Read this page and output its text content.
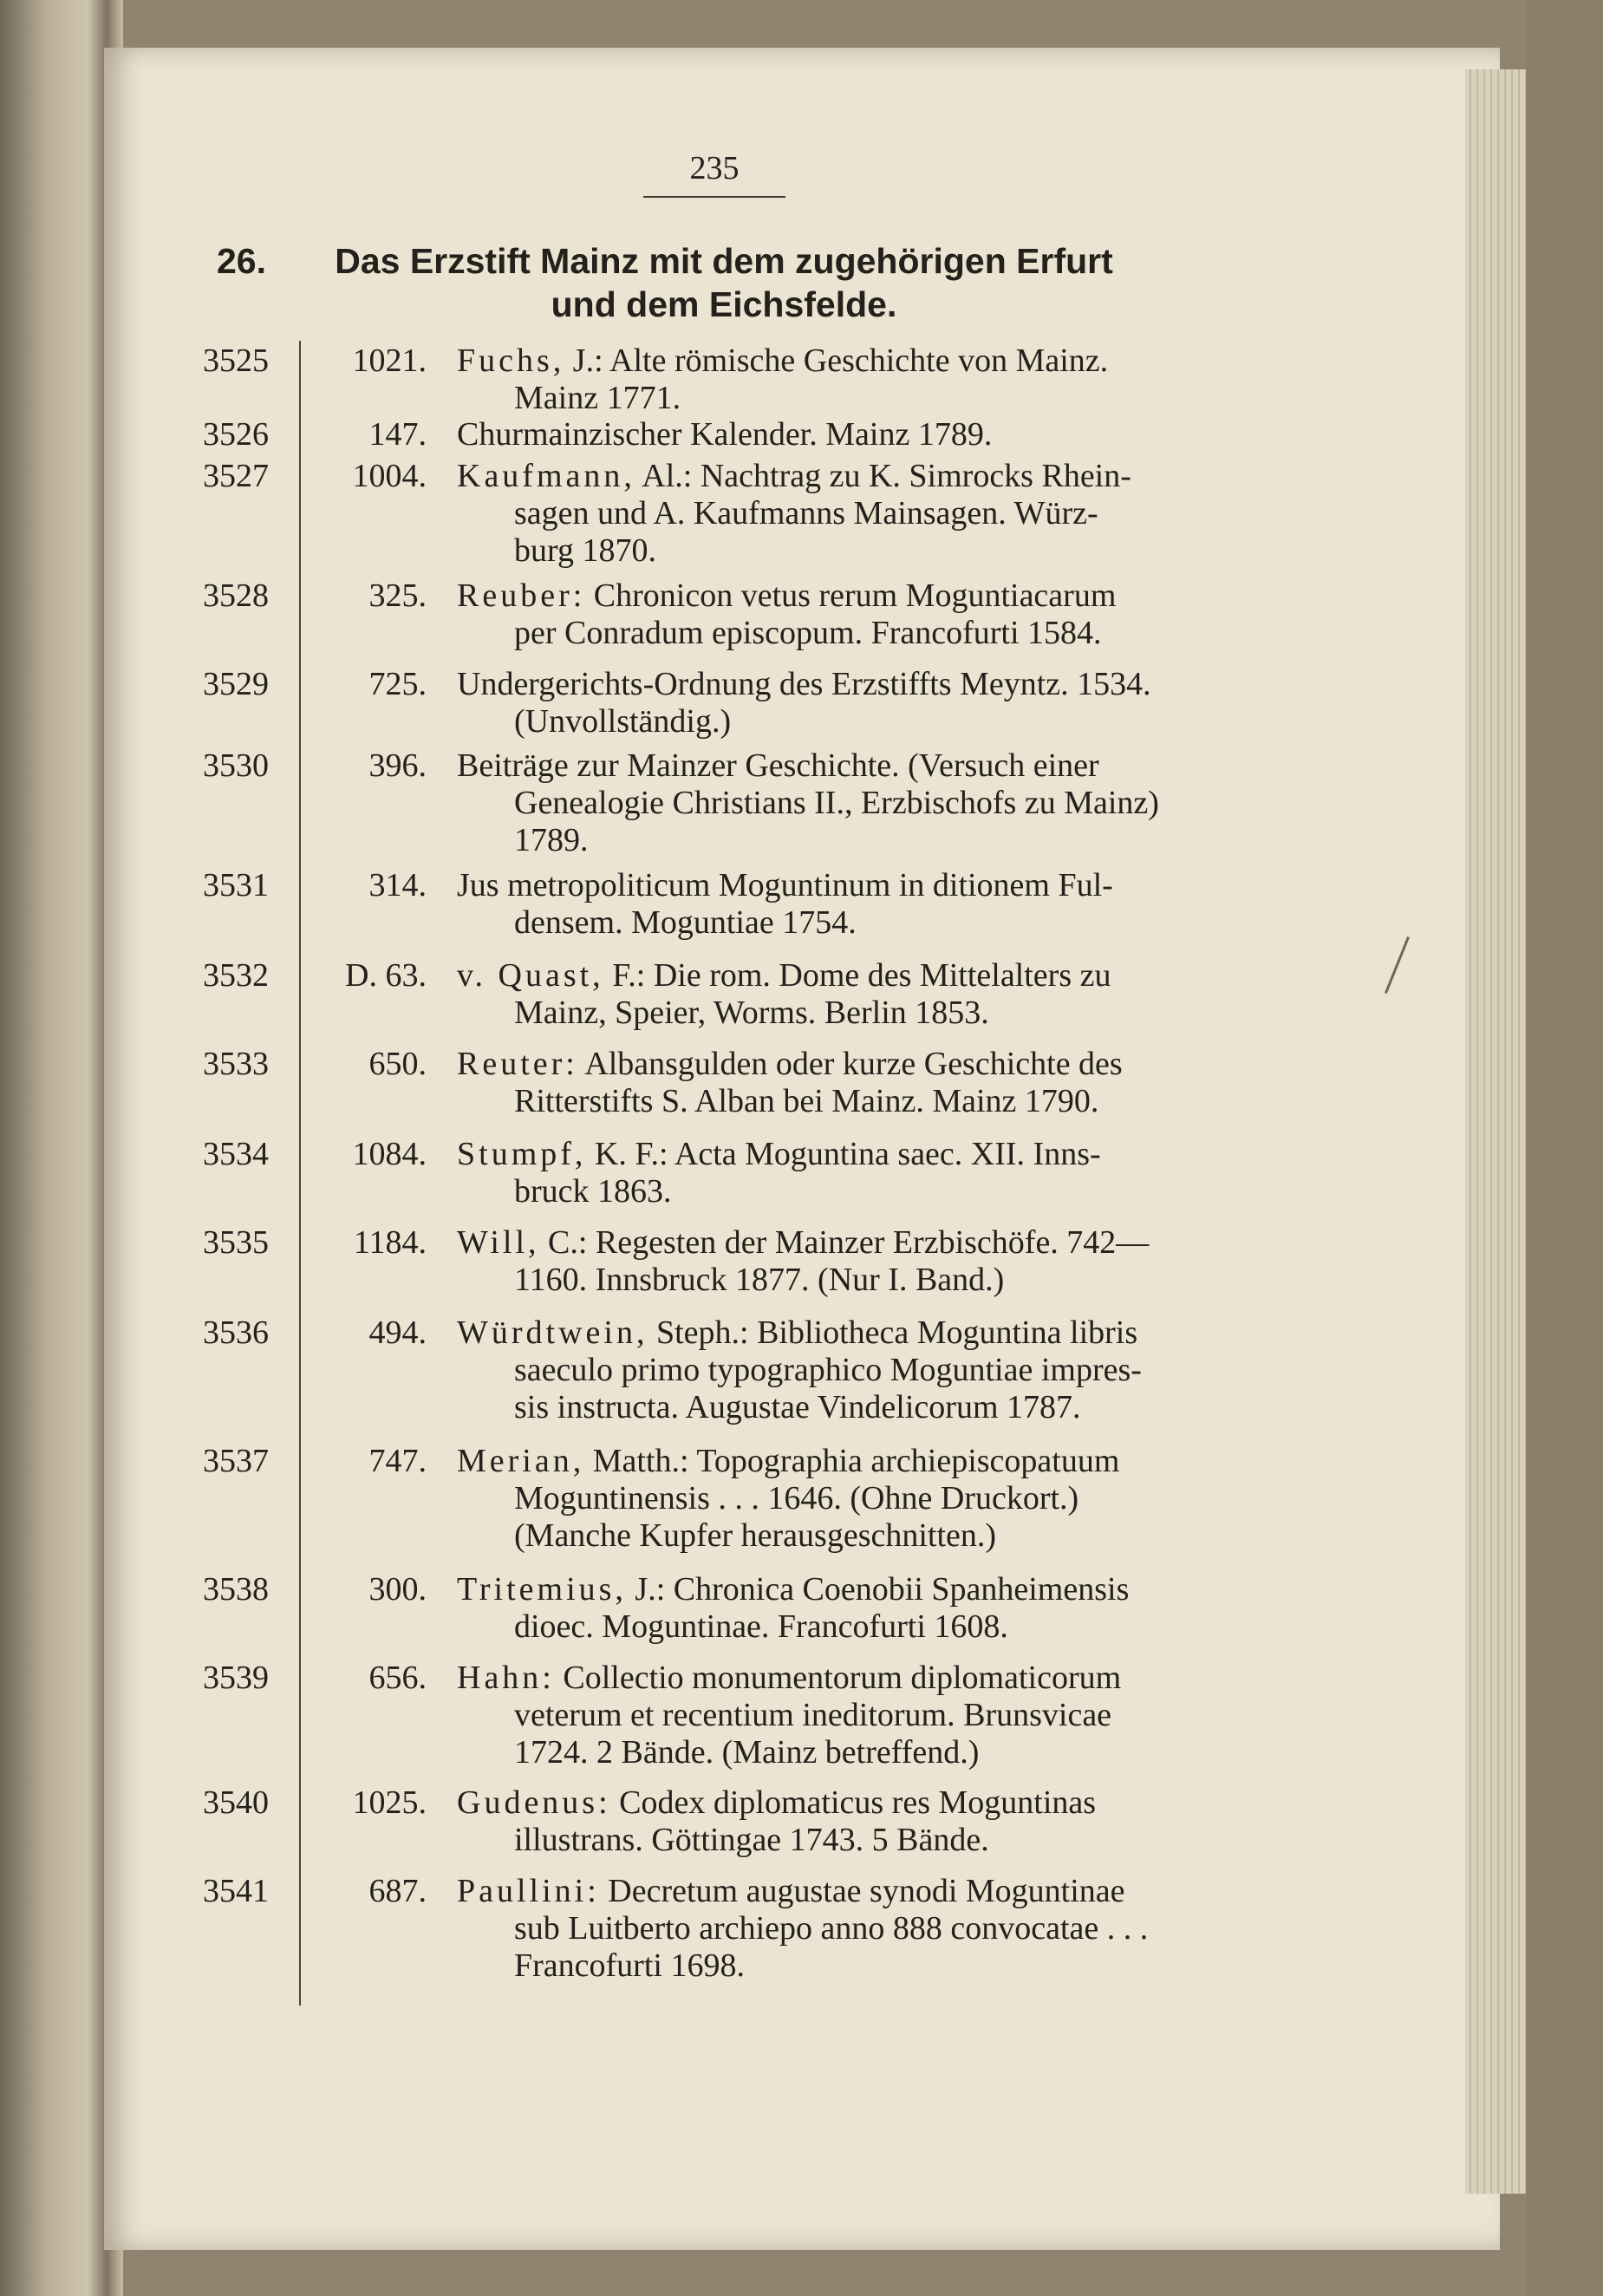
235
26.	Das Erzstift Mainz mit dem zugehörigen Erfurt
und dem Eichsfelde.
3525	1021. Fuchs, J.: Alte römische Geschichte von Mainz.
Mainz 1771.
3526	147. Churmainzischer Kalender. Mainz 1789.
3527	1004. Kaufmann, Al.: Nachtrag zu K. Simrocks Rhein-
sagen und A. Kaufmanns Mainsagen. Würz-
burg 1870.
3528	325. Reuber: Chronicon vetus rerum Moguntiacarum
per Conradum episcopum. Francofurti 1584.
3529	725. Undergerichts-Ordnung des Erzstiffts Meyntz. 1534.
(Unvollständig.)
3530	396. Beiträge zur Mainzer Geschichte. (Versuch einer
Genealogie Christians II., Erzbischofs zu Mainz)
1789.
3531	314. Jus metropoliticum Moguntinum in ditionem Ful-
densem. Moguntiae 1754.
3532	D. 63. v. Quast, F.: Die rom. Dome des Mittelalters zu
Mainz, Speier, Worms. Berlin 1853.
3533	650. Reuter: Albansgulden oder kurze Geschichte des
Ritterstifts S. Alban bei Mainz. Mainz 1790.
3534	1084. Stumpf, K. F.: Acta Moguntina saec. XII. Inns-
bruck 1863.
3535	1184. Will, C.: Regesten der Mainzer Erzbischöfe. 742—
1160. Innsbruck 1877. (Nur I. Band.)
3536	494. Würdtwein, Steph.: Bibliotheca Moguntina libris
saeculo primo typographico Moguntiae impres-
sis instructa. Augustae Vindelicorum 1787.
3537	747. Merian, Matth.: Topographia archiepiscopatuum
Moguntinensis . . . 1646. (Ohne Druckort.)
(Manche Kupfer herausgeschnitten.)
3538	300. Tritemius, J.: Chronica Coenobii Spanheimensis
dioec. Moguntinae. Francofurti 1608.
3539	656. Hahn: Collectio monumentorum diplomaticorum
veterum et recentium ineditorum. Brunsvicae
1724. 2 Bände. (Mainz betreffend.)
3540	1025. Gudenus: Codex diplomaticus res Moguntinas
illustrans. Göttingae 1743. 5 Bände.
3541	687. Paullini: Decretum augustae synodi Moguntinae
sub Luitberto archiepo anno 888 convocatae . . .
Francofurti 1698.
